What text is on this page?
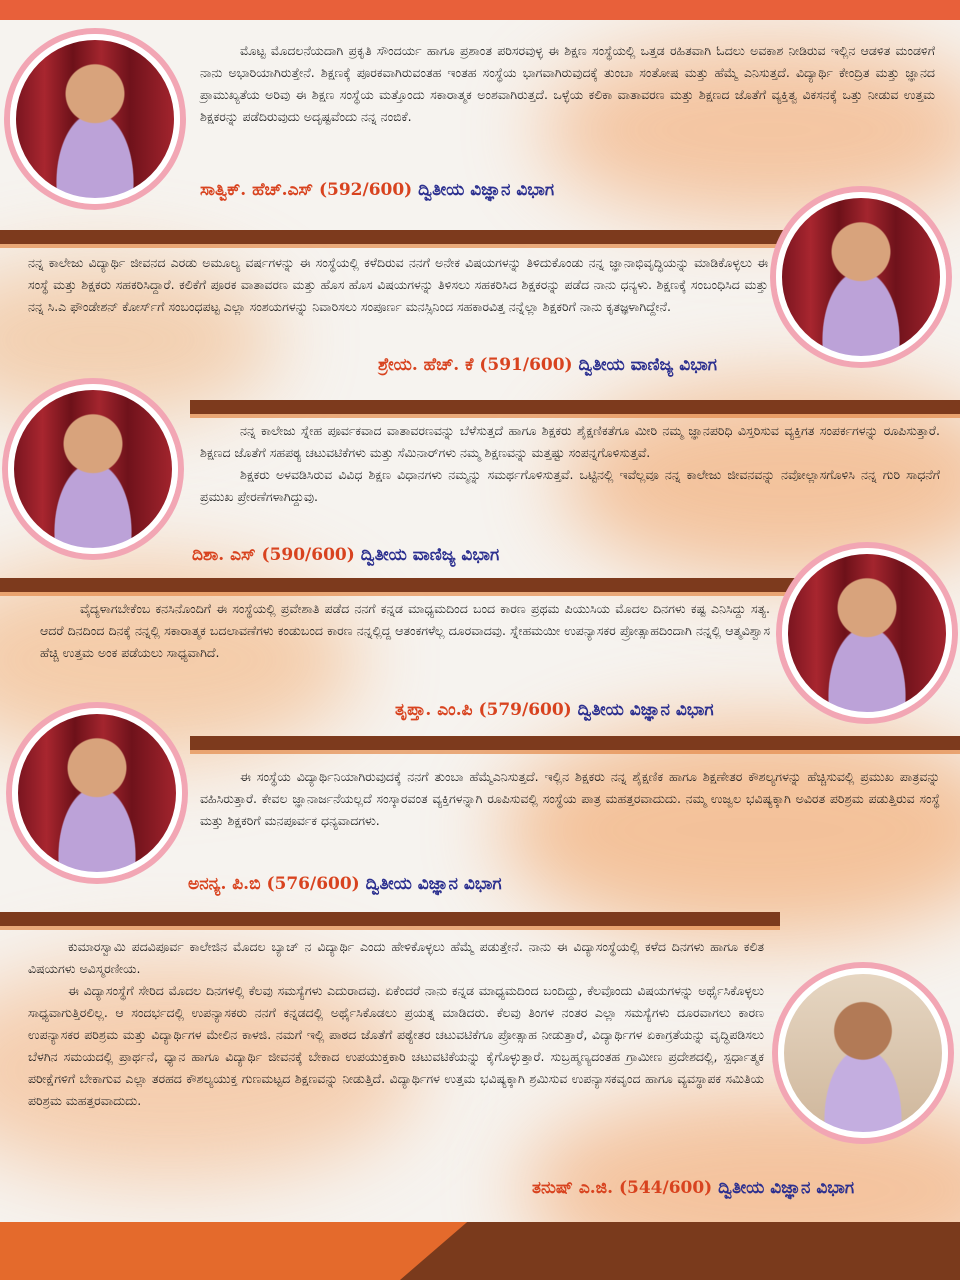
ಮೊಟ್ಟ ಮೊದಲನೆಯದಾಗಿ ಪ್ರಕೃತಿ ಸೌಂದರ್ಯ ಹಾಗೂ ಪ್ರಶಾಂತ ಪರಿಸರವುಳ್ಳ ಈ ಶಿಕ್ಷಣ ಸಂಸ್ಥೆಯಲ್ಲಿ ಒತ್ತಡ ರಹಿತವಾಗಿ ಓದಲು ಅವಕಾಶ ನೀಡಿರುವ ಇಲ್ಲಿನ ಆಡಳಿತ ಮಂಡಳಿಗೆ ನಾನು ಅಭಾರಿಯಾಗಿರುತ್ತೇನೆ. ಶಿಕ್ಷಣಕ್ಕೆ ಪೂರಕವಾಗಿರುವಂತಹ ಇಂತಹ ಸಂಸ್ಥೆಯ ಭಾಗವಾಗಿರುವುದಕ್ಕೆ ತುಂಬಾ ಸಂತೋಷ ಮತ್ತು ಹೆಮ್ಮೆ ಎನಿಸುತ್ತದೆ. ವಿದ್ಯಾರ್ಥಿ ಕೇಂದ್ರಿತ ಮತ್ತು ಜ್ಞಾನದ ಪ್ರಾಮುಖ್ಯತೆಯ ಅರಿವು ಈ ಶಿಕ್ಷಣ ಸಂಸ್ಥೆಯ ಮತ್ತೊಂದು ಸಕಾರಾತ್ಮಕ ಅಂಶವಾಗಿರುತ್ತದೆ. ಒಳ್ಳೆಯ ಕಲಿಕಾ ವಾತಾವರಣ ಮತ್ತು ಶಿಕ್ಷಣದ ಜೊತೆಗೆ ವ್ಯಕ್ತಿತ್ವ ವಿಕಸನಕ್ಕೆ ಒತ್ತು ನೀಡುವ ಉತ್ತಮ ಶಿಕ್ಷಕರನ್ನು ಪಡೆದಿರುವುದು ಅದೃಷ್ಟವೆಂದು ನನ್ನ ನಂಬಿಕೆ.

ಸಾತ್ವಿಕ್. ಹೆಚ್.ಎಸ್ (592/600) ದ್ವಿತೀಯ ವಿಜ್ಞಾನ ವಿಭಾಗ

ನನ್ನ ಕಾಲೇಜು ವಿದ್ಯಾರ್ಥಿ ಜೀವನದ ಎರಡು ಅಮೂಲ್ಯ ವರ್ಷಗಳನ್ನು ಈ ಸಂಸ್ಥೆಯಲ್ಲಿ ಕಳೆದಿರುವ ನನಗೆ ಅನೇಕ ವಿಷಯಗಳನ್ನು ತಿಳಿದುಕೊಂಡು ನನ್ನ ಜ್ಞಾನಾಭಿವೃದ್ಧಿಯನ್ನು ಮಾಡಿಕೊಳ್ಳಲು ಈ ಸಂಸ್ಥೆ ಮತ್ತು ಶಿಕ್ಷಕರು ಸಹಕರಿಸಿದ್ದಾರೆ. ಕಲಿಕೆಗೆ ಪೂರಕ ವಾತಾವರಣ ಮತ್ತು ಹೊಸ ಹೊಸ ವಿಷಯಗಳನ್ನು ತಿಳಿಸಲು ಸಹಕರಿಸಿದ ಶಿಕ್ಷಕರನ್ನು ಪಡೆದ ನಾನು ಧನ್ಯಳು. ಶಿಕ್ಷಣಕ್ಕೆ ಸಂಬಂಧಿಸಿದ ಮತ್ತು ನನ್ನ ಸಿ.ಎ ಫೌಂಡೇಶನ್ ಕೋರ್ಸ್‌ಗೆ ಸಂಬಂಧಪಟ್ಟ ಎಲ್ಲಾ ಸಂಶಯಗಳನ್ನು ನಿವಾರಿಸಲು ಸಂಪೂರ್ಣ ಮನಸ್ಸಿನಿಂದ ಸಹಕಾರವಿತ್ತ ನನ್ನೆಲ್ಲಾ ಶಿಕ್ಷಕರಿಗೆ ನಾನು ಕೃತಜ್ಞಳಾಗಿದ್ದೇನೆ.

ಶ್ರೇಯ. ಹೆಚ್. ಕೆ (591/600) ದ್ವಿತೀಯ ವಾಣಿಜ್ಯ ವಿಭಾಗ

ನನ್ನ ಕಾಲೇಜು ಸ್ನೇಹ ಪೂರ್ವಕವಾದ ವಾತಾವರಣವನ್ನು ಬೆಳೆಸುತ್ತದೆ ಹಾಗೂ ಶಿಕ್ಷಕರು ಶೈಕ್ಷಣಿಕತೆಗೂ ಮೀರಿ ನಮ್ಮ ಜ್ಞಾನಪರಿಧಿ ವಿಸ್ತರಿಸುವ ವ್ಯಕ್ತಿಗತ ಸಂಪರ್ಕಗಳನ್ನು ರೂಪಿಸುತ್ತಾರೆ. ಶಿಕ್ಷಣದ ಜೊತೆಗೆ ಸಹಪಠ್ಯ ಚಟುವಟಿಕೆಗಳು ಮತ್ತು ಸೆಮಿನಾರ್‌ಗಳು ನಮ್ಮ ಶಿಕ್ಷಣವನ್ನು ಮತ್ತಷ್ಟು ಸಂಪನ್ನಗೊಳಿಸುತ್ತವೆ.

ಶಿಕ್ಷಕರು ಅಳವಡಿಸಿರುವ ವಿವಿಧ ಶಿಕ್ಷಣ ವಿಧಾನಗಳು ನಮ್ಮನ್ನು ಸಮರ್ಥಗೊಳಿಸುತ್ತವೆ. ಒಟ್ಟಿನಲ್ಲಿ ಇವೆಲ್ಲವೂ ನನ್ನ ಕಾಲೇಜು ಜೀವನವನ್ನು ನವೋಲ್ಲಾಸಗೊಳಿಸಿ ನನ್ನ ಗುರಿ ಸಾಧನೆಗೆ ಪ್ರಮುಖ ಪ್ರೇರಣೆಗಳಾಗಿದ್ದುವು.

ದಿಶಾ. ಎಸ್ (590/600) ದ್ವಿತೀಯ ವಾಣಿಜ್ಯ ವಿಭಾಗ

ವೈದ್ಯಳಾಗಬೇಕೆಂಬ ಕನಸಿನೊಂದಿಗೆ ಈ ಸಂಸ್ಥೆಯಲ್ಲಿ ಪ್ರವೇಶಾತಿ ಪಡೆದ ನನಗೆ ಕನ್ನಡ ಮಾಧ್ಯಮದಿಂದ ಬಂದ ಕಾರಣ ಪ್ರಥಮ ಪಿಯುಸಿಯ ಮೊದಲ ದಿನಗಳು ಕಷ್ಟ ಎನಿಸಿದ್ದು ಸತ್ಯ. ಆದರೆ ದಿನದಿಂದ ದಿನಕ್ಕೆ ನನ್ನಲ್ಲಿ ಸಕಾರಾತ್ಮಕ ಬದಲಾವಣೆಗಳು ಕಂಡುಬಂದ ಕಾರಣ ನನ್ನಲ್ಲಿದ್ದ ಆತಂಕಗಳೆಲ್ಲ ದೂರವಾದವು. ಸ್ನೇಹಮಯೀ ಉಪನ್ಯಾಸಕರ ಪ್ರೋತ್ಸಾಹದಿಂದಾಗಿ ನನ್ನಲ್ಲಿ ಆತ್ಮವಿಶ್ವಾಸ ಹೆಚ್ಚಿ ಉತ್ತಮ ಅಂಕ ಪಡೆಯಲು ಸಾಧ್ಯವಾಗಿದೆ.

ತೃಪ್ತಾ. ಎಂ.ಪಿ (579/600) ದ್ವಿತೀಯ ವಿಜ್ಞಾನ ವಿಭಾಗ

ಈ ಸಂಸ್ಥೆಯ ವಿದ್ಯಾರ್ಥಿನಿಯಾಗಿರುವುದಕ್ಕೆ ನನಗೆ ತುಂಬಾ ಹೆಮ್ಮೆಎನಿಸುತ್ತದೆ. ಇಲ್ಲಿನ ಶಿಕ್ಷಕರು ನನ್ನ ಶೈಕ್ಷಣಿಕ ಹಾಗೂ ಶಿಕ್ಷಣೇತರ ಕೌಶಲ್ಯಗಳನ್ನು ಹೆಚ್ಚಿಸುವಲ್ಲಿ ಪ್ರಮುಖ ಪಾತ್ರವನ್ನು ವಹಿಸಿರುತ್ತಾರೆ. ಕೇವಲ ಜ್ಞಾನಾರ್ಜನೆಯಲ್ಲದೆ ಸಂಸ್ಕಾರವಂತ ವ್ಯಕ್ತಿಗಳನ್ನಾಗಿ ರೂಪಿಸುವಲ್ಲಿ ಸಂಸ್ಥೆಯ ಪಾತ್ರ ಮಹತ್ತರವಾದುದು. ನಮ್ಮ ಉಜ್ವಲ ಭವಿಷ್ಯಕ್ಕಾಗಿ ಅವಿರತ ಪರಿಶ್ರಮ ಪಡುತ್ತಿರುವ ಸಂಸ್ಥೆ ಮತ್ತು ಶಿಕ್ಷಕರಿಗೆ ಮನಪೂರ್ವಕ ಧನ್ಯವಾದಗಳು.

ಅನನ್ಯ. ಪಿ.ಬಿ (576/600) ದ್ವಿತೀಯ ವಿಜ್ಞಾನ ವಿಭಾಗ

ಕುಮಾರಸ್ವಾಮಿ ಪದವಿಪೂರ್ವ ಕಾಲೇಜಿನ ಮೊದಲ ಬ್ಯಾಚ್ ನ ವಿದ್ಯಾರ್ಥಿ ಎಂದು ಹೇಳಿಕೊಳ್ಳಲು ಹೆಮ್ಮೆ ಪಡುತ್ತೇನೆ. ನಾನು ಈ ವಿದ್ಯಾಸಂಸ್ಥೆಯಲ್ಲಿ ಕಳೆದ ದಿನಗಳು ಹಾಗೂ ಕಲಿತ ವಿಷಯಗಳು ಅವಿಸ್ಮರಣೀಯ.

ಈ ವಿದ್ಯಾಸಂಸ್ಥೆಗೆ ಸೇರಿದ ಮೊದಲ ದಿನಗಳಲ್ಲಿ ಕೆಲವು ಸಮಸ್ಯೆಗಳು ಎದುರಾದವು. ಏಕೆಂದರೆ ನಾನು ಕನ್ನಡ ಮಾಧ್ಯಮದಿಂದ ಬಂದಿದ್ದು, ಕೆಲವೊಂದು ವಿಷಯಗಳನ್ನು ಅರ್ಥೈಸಿಕೊಳ್ಳಲು ಸಾಧ್ಯವಾಗುತ್ತಿರಲಿಲ್ಲ. ಆ ಸಂದರ್ಭದಲ್ಲಿ ಉಪನ್ಯಾಸಕರು ನನಗೆ ಕನ್ನಡದಲ್ಲಿ ಅರ್ಥೈಸಿಕೊಡಲು ಪ್ರಯತ್ನ ಮಾಡಿದರು. ಕೆಲವು ತಿಂಗಳ ನಂತರ ಎಲ್ಲಾ ಸಮಸ್ಯೆಗಳು ದೂರವಾಗಲು ಕಾರಣ ಉಪನ್ಯಾಸಕರ ಪರಿಶ್ರಮ ಮತ್ತು ವಿದ್ಯಾರ್ಥಿಗಳ ಮೇಲಿನ ಕಾಳಜಿ. ನಮಗೆ ಇಲ್ಲಿ ಪಾಠದ ಜೊತೆಗೆ ಪಠ್ಯೇತರ ಚಟುವಟಿಕೆಗೂ ಪ್ರೋತ್ಸಾಹ ನೀಡುತ್ತಾರೆ, ವಿದ್ಯಾರ್ಥಿಗಳ ಏಕಾಗ್ರತೆಯನ್ನು ವೃದ್ಧಿಪಡಿಸಲು ಬೆಳಗಿನ ಸಮಯದಲ್ಲಿ ಪ್ರಾರ್ಥನೆ, ಧ್ಯಾನ ಹಾಗೂ ವಿದ್ಯಾರ್ಥಿ ಜೀವನಕ್ಕೆ ಬೇಕಾದ ಉಪಯುಕ್ತಕಾರಿ ಚಟುವಟಿಕೆಯನ್ನು ಕೈಗೊಳ್ಳುತ್ತಾರೆ. ಸುಬ್ರಹ್ಮಣ್ಯದಂತಹ ಗ್ರಾಮೀಣ ಪ್ರದೇಶದಲ್ಲಿ, ಸ್ಪರ್ಧಾತ್ಮಕ ಪರೀಕ್ಷೆಗಳಿಗೆ ಬೇಕಾಗುವ ಎಲ್ಲಾ ತರಹದ ಕೌಶಲ್ಯಯುಕ್ತ ಗುಣಮಟ್ಟದ ಶಿಕ್ಷಣವನ್ನು ನೀಡುತ್ತಿದೆ. ವಿದ್ಯಾರ್ಥಿಗಳ ಉತ್ತಮ ಭವಿಷ್ಯಕ್ಕಾಗಿ ಶ್ರಮಿಸುವ ಉಪನ್ಯಾಸಕವೃಂದ ಹಾಗೂ ವ್ಯವಸ್ಥಾಪಕ ಸಮಿತಿಯ ಪರಿಶ್ರಮ ಮಹತ್ತರವಾದುದು.

ತನುಷ್ ಎ.ಜಿ. (544/600) ದ್ವಿತೀಯ ವಿಜ್ಞಾನ ವಿಭಾಗ
